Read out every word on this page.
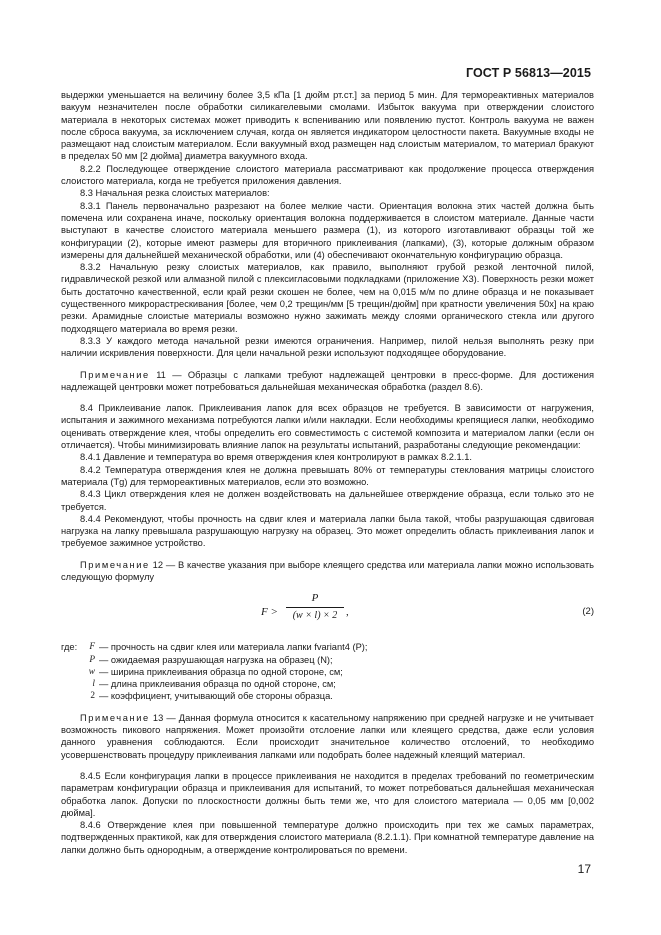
ГОСТ Р 56813—2015

выдержки уменьшается на величину более 3,5 кПа [1 дюйм рт.ст.] за период 5 мин. Для термореактивных материалов вакуум незначителен после обработки силикагелевыми смолами. Избыток вакуума при отверждении слоистого материала в некоторых системах может приводить к вспениванию или появлению пустот. Контроль вакуума не важен после сброса вакуума, за исключением случая, когда он является индикатором целостности пакета. Вакуумные входы не размещают над слоистым материалом. Если вакуумный вход размещен над слоистым материалом, то материал бракуют в пределах 50 мм [2 дюйма] диаметра вакуумного входа.

8.2.2 Последующее отверждение слоистого материала рассматривают как продолжение процесса отверждения слоистого материала, когда не требуется приложения давления.

8.3 Начальная резка слоистых материалов:

8.3.1 Панель первоначально разрезают на более мелкие части. Ориентация волокна этих частей должна быть помечена или сохранена иначе, поскольку ориентация волокна поддерживается в слоистом материале. Данные части выступают в качестве слоистого материала меньшего размера (1), из которого изготавливают образцы той же конфигурации (2), которые имеют размеры для вторичного приклеивания (лапками), (3), которые должным образом измерены для дальнейшей механической обработки, или (4) обеспечивают окончательную конфигурацию образца.

8.3.2 Начальную резку слоистых материалов, как правило, выполняют грубой резкой ленточной пилой, гидравлической резкой или алмазной пилой с плексигласовыми подкладками (приложение Х3). Поверхность резки может быть достаточно качественной, если край резки скошен не более, чем на 0,015 м/м по длине образца и не показывает существенного микрорастрескивания [более, чем 0,2 трещин/мм [5 трещин/дюйм] при кратности увеличения 50x] на краю резки. Арамидные слоистые материалы возможно нужно зажимать между слоями органического стекла или другого подходящего материала во время резки.

8.3.3 У каждого метода начальной резки имеются ограничения. Например, пилой нельзя выполнять резку при наличии искривления поверхности. Для цели начальной резки используют подходящее оборудование.

Примечание 11 — Образцы с лапками требуют надлежащей центровки в пресс-форме. Для достижения надлежащей центровки может потребоваться дальнейшая механическая обработка (раздел 8.6).

8.4 Приклеивание лапок. Приклеивания лапок для всех образцов не требуется. В зависимости от нагружения, испытания и зажимного механизма потребуются лапки и/или накладки. Если необходимы крепящиеся лапки, необходимо оценивать отверждение клея, чтобы определить его совместимость с системой композита и материалом лапки (если он отличается). Чтобы минимизировать влияние лапок на результаты испытаний, разработаны следующие рекомендации:

8.4.1 Давление и температура во время отверждения клея контролируют в рамках 8.2.1.1.

8.4.2 Температура отверждения клея не должна превышать 80% от температуры стеклования матрицы слоистого материала (Tg) для термореактивных материалов, если это возможно.

8.4.3 Цикл отверждения клея не должен воздействовать на дальнейшее отверждение образца, если только это не требуется.

8.4.4 Рекомендуют, чтобы прочность на сдвиг клея и материала лапки была такой, чтобы разрушающая сдвиговая нагрузка на лапку превышала разрушающую нагрузку на образец. Это может определить область приклеивания лапок и требуемое зажимное устройство.

Примечание 12 — В качестве указания при выборе клеящего средства или материала лапки можно использовать следующую формулу

$F > \frac{P}{(w \times l) \times 2}$ ,	(2)
где:	F — прочность на сдвиг клея или материала лапки fvariant4 (Р);
P — ожидаемая разрушающая нагрузка на образец (N);
w — ширина приклеивания образца по одной стороне, см;
l — длина приклеивания образца по одной стороне, см;
2 — коэффициент, учитывающий обе стороны образца.

Примечание 13 — Данная формула относится к касательному напряжению при средней нагрузке и не учитывает возможность пикового напряжения. Может произойти отслоение лапки или клеящего средства, даже если условия данного уравнения соблюдаются. Если происходит значительное количество отслоений, то необходимо усовершенствовать процедуру приклеивания лапками или подобрать более надежный клеящий материал.

8.4.5 Если конфигурация лапки в процессе приклеивания не находится в пределах требований по геометрическим параметрам конфигурации образца и приклеивания для испытаний, то может потребоваться дальнейшая механическая обработка лапок. Допуски по плоскостности должны быть теми же, что для слоистого материала — 0,05 мм [0,002 дюйма].

8.4.6 Отверждение клея при повышенной температуре должно происходить при тех же самых параметрах, подтвержденных практикой, как для отверждения слоистого материала (8.2.1.1). При комнатной температуре давление на лапки должно быть однородным, а отверждение контролироваться по времени.

17
